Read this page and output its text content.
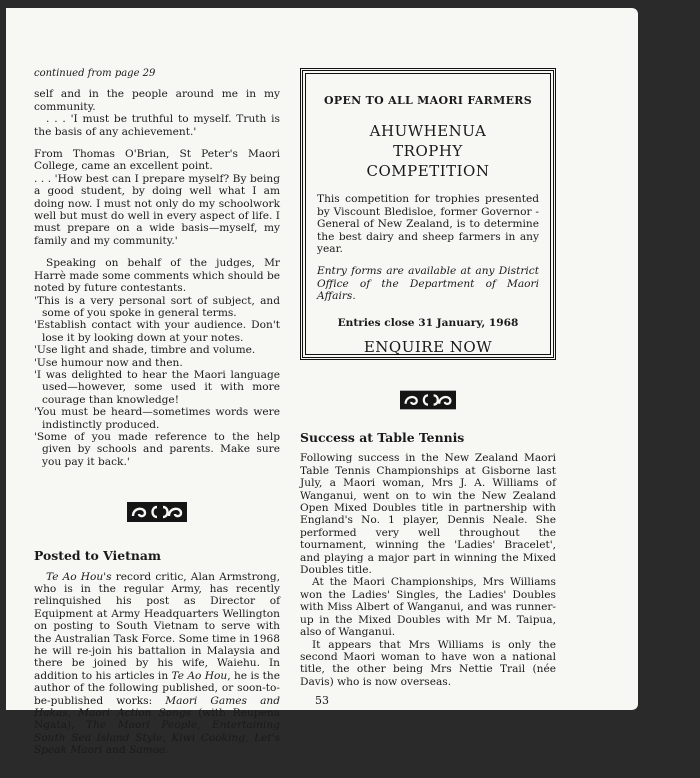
continued from page 29

self and in the people around me in my community.

. . . 'I must be truthful to myself. Truth is the basis of any achievement.'

From Thomas O'Brian, St Peter's Maori College, came an excellent point.

. . . 'How best can I prepare myself? By being a good student, by doing well what I am doing now. I must not only do my schoolwork well but must do well in every aspect of life. I must prepare on a wide basis—myself, my family and my community.'

Speaking on behalf of the judges, Mr Harrè made some comments which should be noted by future contestants.

'This is a very personal sort of subject, and some of you spoke in general terms.

'Establish contact with your audience. Don't lose it by looking down at your notes.

'Use light and shade, timbre and volume.

'Use humour now and then.

'I was delighted to hear the Maori language used—however, some used it with more courage than knowledge!

'You must be heard—sometimes words were indistinctly produced.

'Some of you made reference to the help given by schools and parents. Make sure you pay it back.'

Posted to Vietnam

Te Ao Hou's record critic, Alan Armstrong, who is in the regular Army, has recently relinquished his post as Director of Equipment at Army Headquarters Wellington on posting to South Vietnam to serve with the Australian Task Force. Some time in 1968 he will re-join his battalion in Malaysia and there be joined by his wife, Waiehu. In addition to his articles in Te Ao Hou, he is the author of the following published, or soon-to-be-published works: Maori Games and Hakas, Maori Action Songs (with Reupena Ngata), The Maori People, Entertaining South Sea Island Style, Kiwi Cooking, Let's Speak Maori and Samoa.

OPEN TO ALL MAORI FARMERS
AHUWHENUA
TROPHY
COMPETITION

This competition for trophies presented by Viscount Bledisloe, former Governor - General of New Zealand, is to determine the best dairy and sheep farmers in any year.

Entry forms are available at any District Office of the Department of Maori Affairs.

Entries close 31 January, 1968
ENQUIRE NOW
Success at Table Tennis

Following success in the New Zealand Maori Table Tennis Championships at Gisborne last July, a Maori woman, Mrs J. A. Williams of Wanganui, went on to win the New Zealand Open Mixed Doubles title in partnership with England's No. 1 player, Dennis Neale. She performed very well throughout the tournament, winning the 'Ladies' Bracelet', and playing a major part in winning the Mixed Doubles title.

At the Maori Championships, Mrs Williams won the Ladies' Singles, the Ladies' Doubles with Miss Albert of Wanganui, and was runner-up in the Mixed Doubles with Mr M. Taipua, also of Wanganui.

It appears that Mrs Williams is only the second Maori woman to have won a national title, the other being Mrs Nettie Trail (née Davis) who is now overseas.

53
